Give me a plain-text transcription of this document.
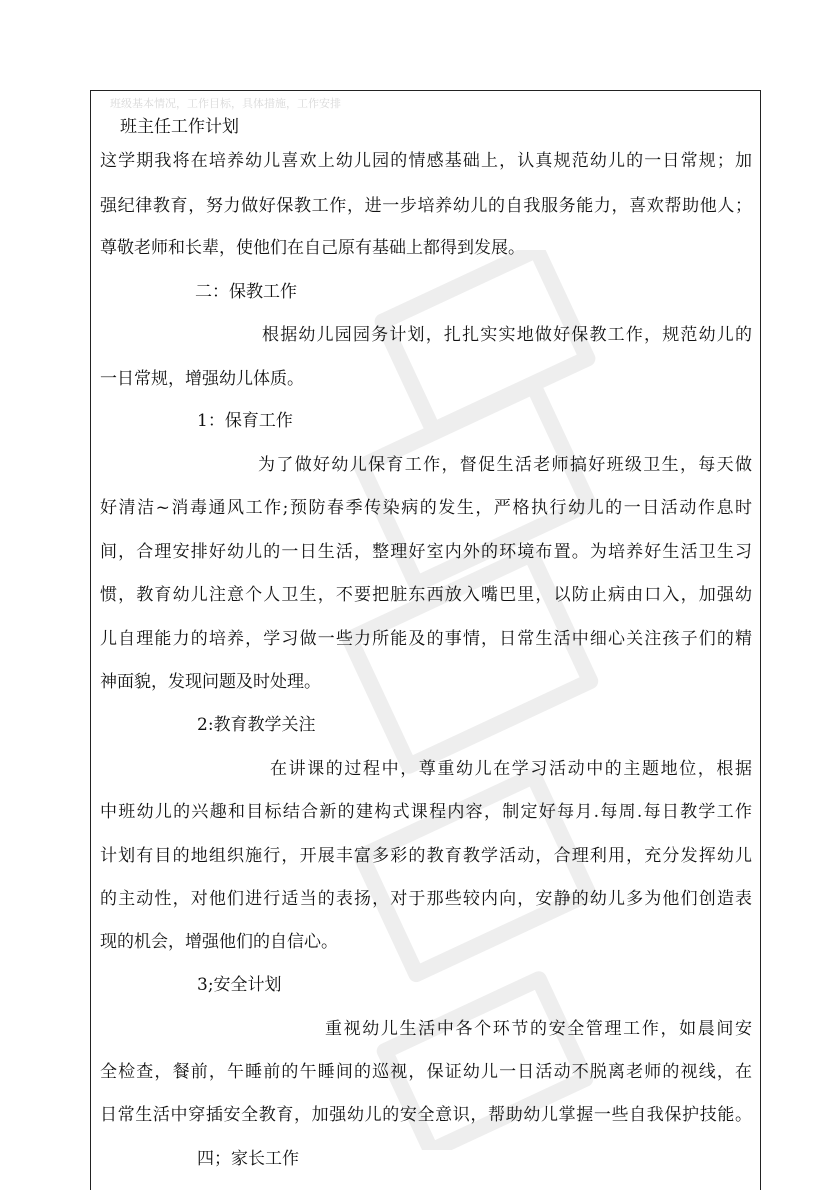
班级基本情况，工作目标，具体措施，工作安排
班主任工作计划
这学期我将在培养幼儿喜欢上幼儿园的情感基础上，认真规范幼儿的一日常规；加
强纪律教育，努力做好保教工作，进一步培养幼儿的自我服务能力，喜欢帮助他人；
尊敬老师和长辈，使他们在自己原有基础上都得到发展。
二：保教工作
根据幼儿园园务计划，扎扎实实地做好保教工作，规范幼儿的
一日常规，增强幼儿体质。
1：保育工作
为了做好幼儿保育工作，督促生活老师搞好班级卫生，每天做
好清洁~消毒通风工作;预防春季传染病的发生，严格执行幼儿的一日活动作息时
间，合理安排好幼儿的一日生活，整理好室内外的环境布置。为培养好生活卫生习
惯，教育幼儿注意个人卫生，不要把脏东西放入嘴巴里，以防止病由口入，加强幼
儿自理能力的培养，学习做一些力所能及的事情，日常生活中细心关注孩子们的精
神面貌，发现问题及时处理。
2:教育教学关注
在讲课的过程中，尊重幼儿在学习活动中的主题地位，根据
中班幼儿的兴趣和目标结合新的建构式课程内容，制定好每月.每周.每日教学工作
计划有目的地组织施行，开展丰富多彩的教育教学活动，合理利用，充分发挥幼儿
的主动性，对他们进行适当的表扬，对于那些较内向，安静的幼儿多为他们创造表
现的机会，增强他们的自信心。
3;安全计划
重视幼儿生活中各个环节的安全管理工作，如晨间安
全检查，餐前，午睡前的午睡间的巡视，保证幼儿一日活动不脱离老师的视线，在
日常生活中穿插安全教育，加强幼儿的安全意识，帮助幼儿掌握一些自我保护技能。
四；家长工作
